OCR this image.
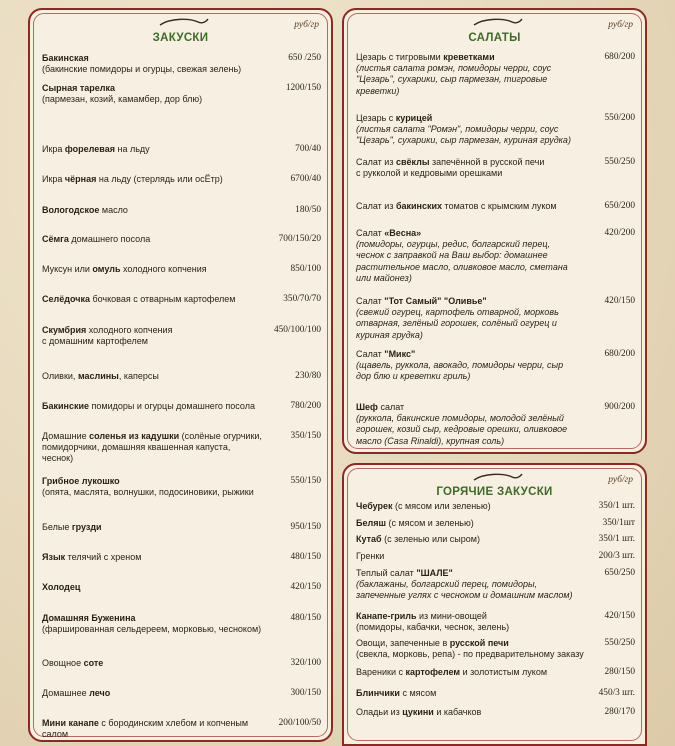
руб/гр
ЗАКУСКИ
Бакинская	650 /250
(бакинские помидоры и огурцы, свежая зелень)
Сырная тарелка	1200/150
(пармезан, козий, камамбер, дор блю)
Икра форелевая на льду	700/40
Икра чёрная на льду (стерлядь или осЁтр)	6700/40
Вологодское масло	180/50
Сёмга домашнего посола	700/150/20
Муксун или омуль холодного копчения	850/100
Селёдочка бочковая с отварным картофелем	350/70/70
Скумбрия холодного копчения	450/100/100
с домашним картофелем
Оливки, маслины, каперсы	230/80
Бакинские помидоры и огурцы домашнего посола	780/200
Домашние соленья из кадушки (солёные огурчики,	350/150
помидорчики, домашняя квашенная капуста, чеснок)
Грибное лукошко	550/150
(опята, маслята, волнушки, подосиновики, рыжики
Белые грузди	950/150
Язык телячий с хреном	480/150
Холодец	420/150
Домашняя Буженина	480/150
(фаршированная сельдереем, морковью, чесноком)
Овощное соте	320/100
Домашнее лечо	300/150
Мини канапе с бородинским хлебом и копченым салом
200/100/50
руб/гр
САЛАТЫ
Цезарь с тигровыми креветками	680/200
(листья салата ромэн, помидоры черри, соус "Цезарь", сухарики, сыр пармезан, тигровые креветки)
Цезарь с курицей	550/200
(листья салата "Ромэн", помидоры черри, соус "Цезарь", сухарики, сыр пармезан, куриная грудка)
Салат из свёклы запечённой в русской печи	550/250
с рукколой и кедровыми орешками
Салат из бакинских томатов с крымским луком	650/200
Салат «Весна»	420/200
(помидоры, огурцы, редис, болгарский перец, чеснок с заправкой на Ваш выбор: домашнее растительное масло, оливковое масло, сметана или майонез)
Салат "Тот Самый" "Оливье"	420/150
(свежий огурец, картофель отварной, морковь отварная, зелёный горошек, солёный огурец и куриная грудка)
Салат "Микс"	680/200
(щавель, руккола, авокадо, помидоры черри, сыр дор блю и креветки гриль)
Шеф салат	900/200
(руккола, бакинские помидоры, молодой зелёный горошек, козий сыр, кедровые орешки, оливковое масло (Casa Rinaldi), крупная соль)
руб/гр
ГОРЯЧИЕ ЗАКУСКИ
Чебурек (с мясом или зеленью)	350/1 шт.
Беляш (с мясом и зеленью)	350/1шт
Кутаб (с зеленью или сыром)	350/1 шт.
Гренки	200/3 шт.
Теплый салат "ШАЛЕ"	650/250
(баклажаны, болгарский перец, помидоры, запеченные углях с чесноком и домашним маслом)
Канапе-гриль из мини-овощей	420/150
(помидоры, кабачки, чеснок, зелень)
Овощи, запеченные в русской печи	550/250
(свекла, морковь, репа) - по предварительному заказу
Вареники с картофелем и золотистым луком	280/150
Блинчики с мясом	450/3 шт.
Оладьи из цукини и кабачков	280/170
